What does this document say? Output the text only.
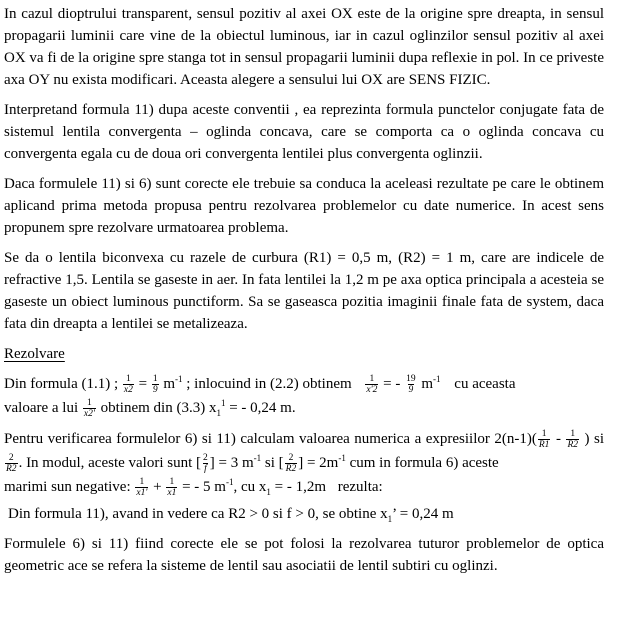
In cazul dioptrului transparent, sensul pozitiv al axei OX este de la origine spre dreapta, in sensul propagarii luminii care vine de la obiectul luminous, iar in cazul oglinzilor sensul pozitiv al axei OX va fi de la origine spre stanga tot in sensul propagarii luminii dupa reflexie in pol. In ce priveste axa OY nu exista modificari. Aceasta alegere a sensului lui OX are SENS FIZIC.

Interpretand formula 11) dupa aceste conventii , ea reprezinta formula punctelor conjugate fata de sistemul lentila convergenta – oglinda concava, care se comporta ca o oglinda concava cu convergenta egala cu de doua ori convergenta lentilei plus convergenta oglinzii.

Daca formulele 11) si 6) sunt corecte ele trebuie sa conduca la aceleasi rezultate pe care le obtinem aplicand prima metoda propusa pentru rezolvarea problemelor cu date numerice. In acest sens propunem spre rezolvare urmatoarea problema.

Se da o lentila biconvexa cu razele de curbura (R1) = 0,5 m, (R2) = 1 m, care are indicele de refractive 1,5. Lentila se gaseste in aer. In fata lentilei la 1,2 m pe axa optica principala a acesteia se gaseste un obiect luminous punctiform. Sa se gaseasca pozitia imaginii finale fata de system, daca fata din dreapta a lentilei se metalizeaza.

Rezolvare

Din formula (1.1) ; $\frac{1}{x2} = \frac{1}{9} m^{-1}$ ; inlocuind in (2.2) obtinem $\frac{1}{x'2}$ = - $\frac{19}{9} m^{-1}$ cu aceasta
valoare a lui $\frac{1}{x2'}$ obtinem din (3.3) $x_1^1$ = - 0,24 m.
Pentru verificarea formulelor 6) si 11) calculam valoarea numerica a expresiilor $2(n-1)( \frac{1}{R1} - \frac{1}{R2}$ ) si
$\frac{2}{R2}$ . In modul, aceste valori sunt [ $\frac{2}{f}$ ] = 3 $m^{-1}$ si [ $\frac{2}{R2}$ ] = $2m^{-1}$ cum in formula 6) aceste
marimi sun negative: $\frac{1}{x1'} + \frac{1}{x1}$ = - 5 $m^{-1}$, cu $x_1$ = - 1,2m rezulta:
Din formula 11), avand in vedere ca R2 > 0 si f > 0, se obtine $x_1$’ = 0,24 m

Formulele 6) si 11) fiind corecte ele se pot folosi la rezolvarea tuturor problemelor de optica geometric ace se refera la sisteme de lentil sau asociatii de lentil subtiri cu oglinzi.
